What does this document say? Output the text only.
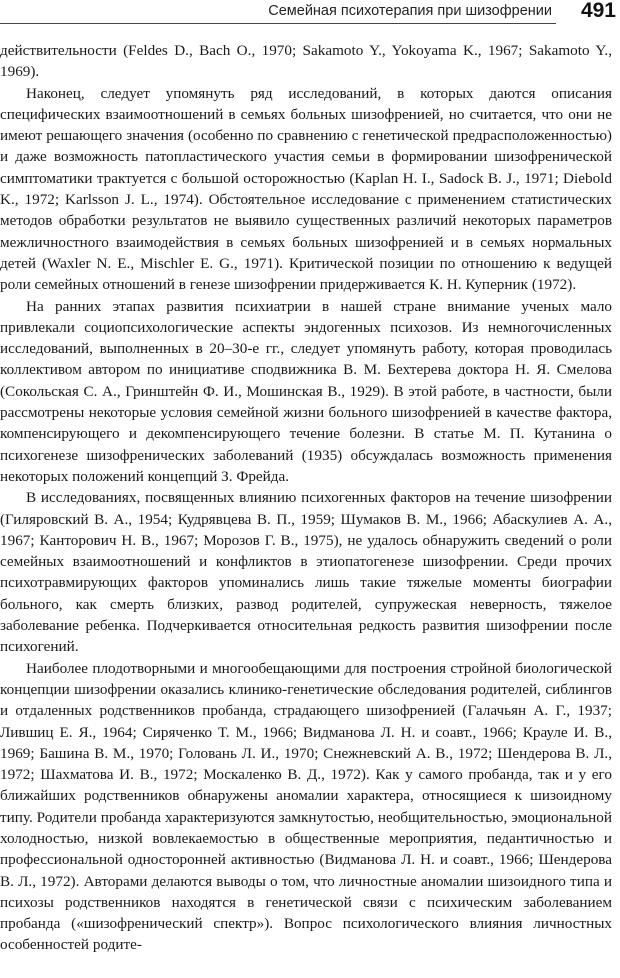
Семейная психотерапия при шизофрении 491

действительности (Feldes D., Bach O., 1970; Sakamoto Y., Yokoyama K., 1967; Sakamoto Y., 1969).

Наконец, следует упомянуть ряд исследований, в которых даются описания специфических взаимоотношений в семьях больных шизофренией, но считается, что они не имеют решающего значения (особенно по сравнению с генетической предрасположенностью) и даже возможность патопластического участия семьи в формировании шизофренической симптоматики трактуется с большой осторожностью (Kaplan H. I., Sadock B. J., 1971; Diebold K., 1972; Karlsson J. L., 1974). Обстоятельное исследование с применением статистических методов обработки результатов не выявило существенных различий некоторых параметров межличностного взаимодействия в семьях больных шизофренией и в семьях нормальных детей (Waxler N. E., Mischler E. G., 1971). Критической позиции по отношению к ведущей роли семейных отношений в генезе шизофрении придерживается К. Н. Куперник (1972).

На ранних этапах развития психиатрии в нашей стране внимание ученых мало привлекали социопсихологические аспекты эндогенных психозов. Из немногочисленных исследований, выполненных в 20–30-е гг., следует упомянуть работу, которая проводилась коллективом автором по инициативе сподвижника В. М. Бехтерева доктора Н. Я. Смелова (Сокольская С. А., Гринштейн Ф. И., Мошинская В., 1929). В этой работе, в частности, были рассмотрены некоторые условия семейной жизни больного шизофренией в качестве фактора, компенсирующего и декомпенсирующего течение болезни. В статье М. П. Кутанина о психогенезе шизофренических заболеваний (1935) обсуждалась возможность применения некоторых положений концепций З. Фрейда.

В исследованиях, посвященных влиянию психогенных факторов на течение шизофрении (Гиляровский В. А., 1954; Кудрявцева В. П., 1959; Шумаков В. М., 1966; Абаскулиев А. А., 1967; Канторович Н. В., 1967; Морозов Г. В., 1975), не удалось обнаружить сведений о роли семейных взаимоотношений и конфликтов в этиопатогенезе шизофрении. Среди прочих психотравмирующих факторов упоминались лишь такие тяжелые моменты биографии больного, как смерть близких, развод родителей, супружеская неверность, тяжелое заболевание ребенка. Подчеркивается относительная редкость развития шизофрении после психогений.

Наиболее плодотворными и многообещающими для построения стройной биологической концепции шизофрении оказались клинико-генетические обследования родителей, сиблингов и отдаленных родственников пробанда, страдающего шизофренией (Галачьян А. Г., 1937; Лившиц Е. Я., 1964; Сиряченко Т. М., 1966; Видманова Л. Н. и соавт., 1966; Крауле И. В., 1969; Башина В. М., 1970; Головань Л. И., 1970; Снежневский А. В., 1972; Шендерова В. Л., 1972; Шахматова И. В., 1972; Москаленко В. Д., 1972). Как у самого пробанда, так и у его ближайших родственников обнаружены аномалии характера, относящиеся к шизоидному типу. Родители пробанда характеризуются замкнутостью, необщительностью, эмоциональной холодностью, низкой вовлекаемостью в общественные мероприятия, педантичностью и профессиональной односторонней активностью (Видманова Л. Н. и соавт., 1966; Шендерова В. Л., 1972). Авторами делаются выводы о том, что личностные аномалии шизоидного типа и психозы родственников находятся в генетической связи с психическим заболеванием пробанда («шизофренический спектр»). Вопрос психологического влияния личностных особенностей родите-
